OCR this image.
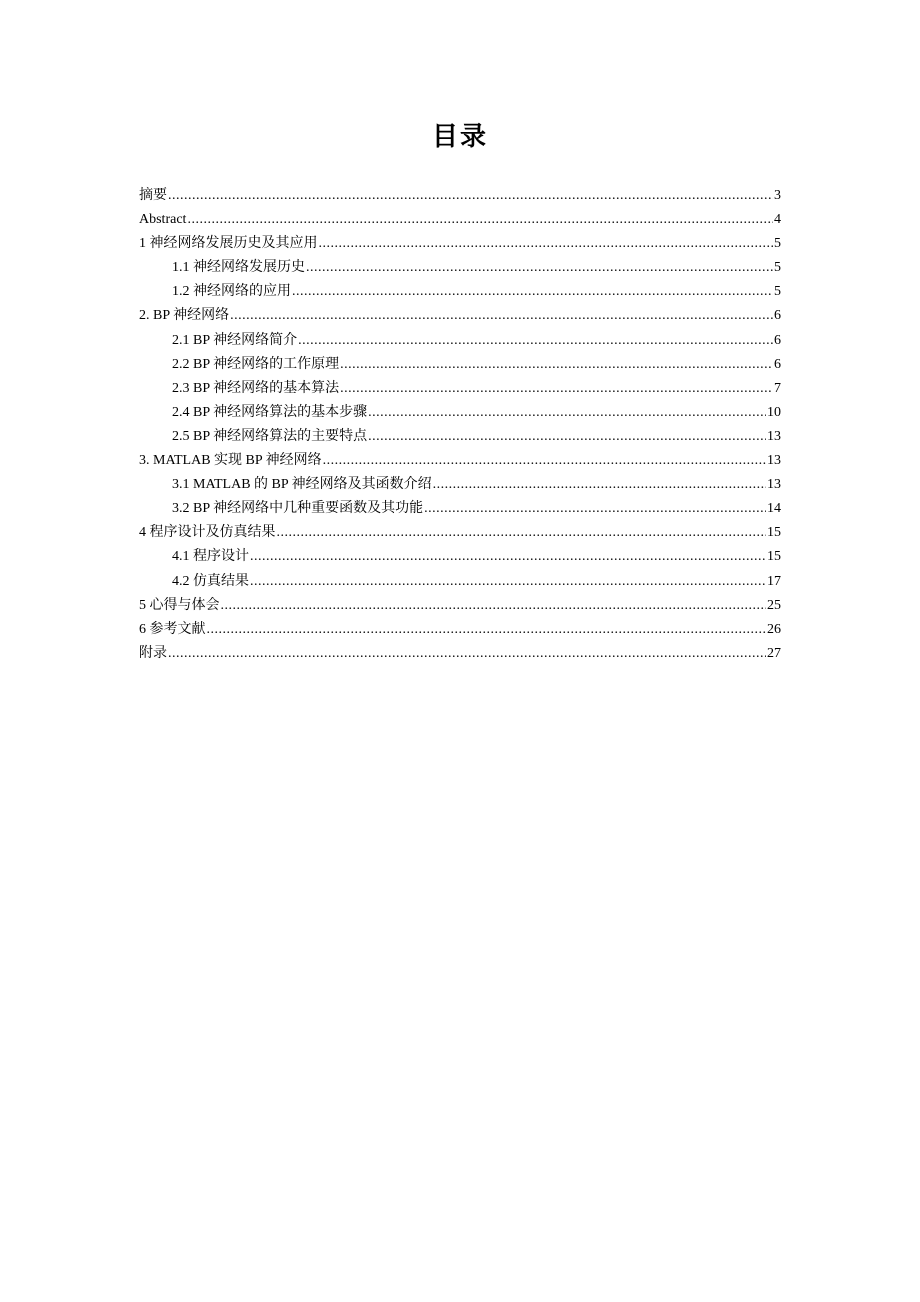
目录
摘要 .....	3
Abstract .....	4
1 神经网络发展历史及其应用 .....	5
1.1 神经网络发展历史 .....	5
1.2 神经网络的应用 .....	5
2. BP 神经网络 .....	6
2.1 BP 神经网络简介 .....	6
2.2 BP 神经网络的工作原理 .....	6
2.3 BP 神经网络的基本算法 .....	7
2.4 BP 神经网络算法的基本步骤 .....	10
2.5 BP 神经网络算法的主要特点 .....	13
3. MATLAB 实现 BP 神经网络 .....	13
3.1 MATLAB 的 BP 神经网络及其函数介绍 .....	13
3.2 BP 神经网络中几种重要函数及其功能 .....	14
4 程序设计及仿真结果 .....	15
4.1 程序设计 .....	15
4.2 仿真结果 .....	17
5 心得与体会 .....	25
6 参考文献 .....	26
附录 .....	27
